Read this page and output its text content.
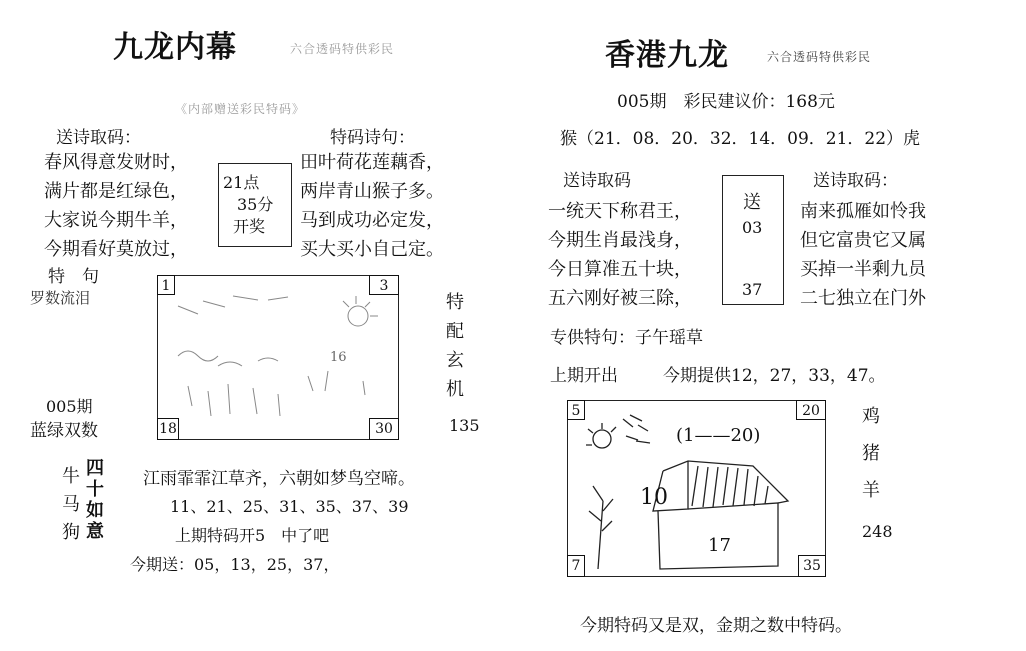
九龙内幕	六合透码特供彩民
《内部赠送彩民特码》
送诗取码：	特码诗句：
春风得意发财时，
满片都是红绿色，
大家说今期牛羊，
今期看好莫放过，
21点
35分
开奖
田叶荷花莲藕香，
两岸青山猴子多。
马到成功必定发，
买大买小自己定。
特　句
罗数流泪
1	3
18	30
16
特
配
玄
机
135
005期
蓝绿双数
牛
马
狗
四
十
如
意
江雨霏霏江草齐，六朝如梦鸟空啼。
11、21、25、31、35、37、39
上期特码开5　中了吧
今期送：05，13，25，37，
香港九龙	六合透码特供彩民
005期　彩民建议价：168元
猴（21．08．20．32．14．09．21．22）虎
送诗取码	送诗取码：
一统天下称君王，
今期生肖最浅身，
今日算准五十块，
五六刚好被三除，
送
03
37
南来孤雁如怜我
但它富贵它又属
买掉一半剩九员
二七独立在门外
专供特句：子午瑶草
上期开出	今期提供12，27，33，47。
5	20
7	35
(1——20)
10
17
鸡
猪
羊
248
今期特码又是双，金期之数中特码。
